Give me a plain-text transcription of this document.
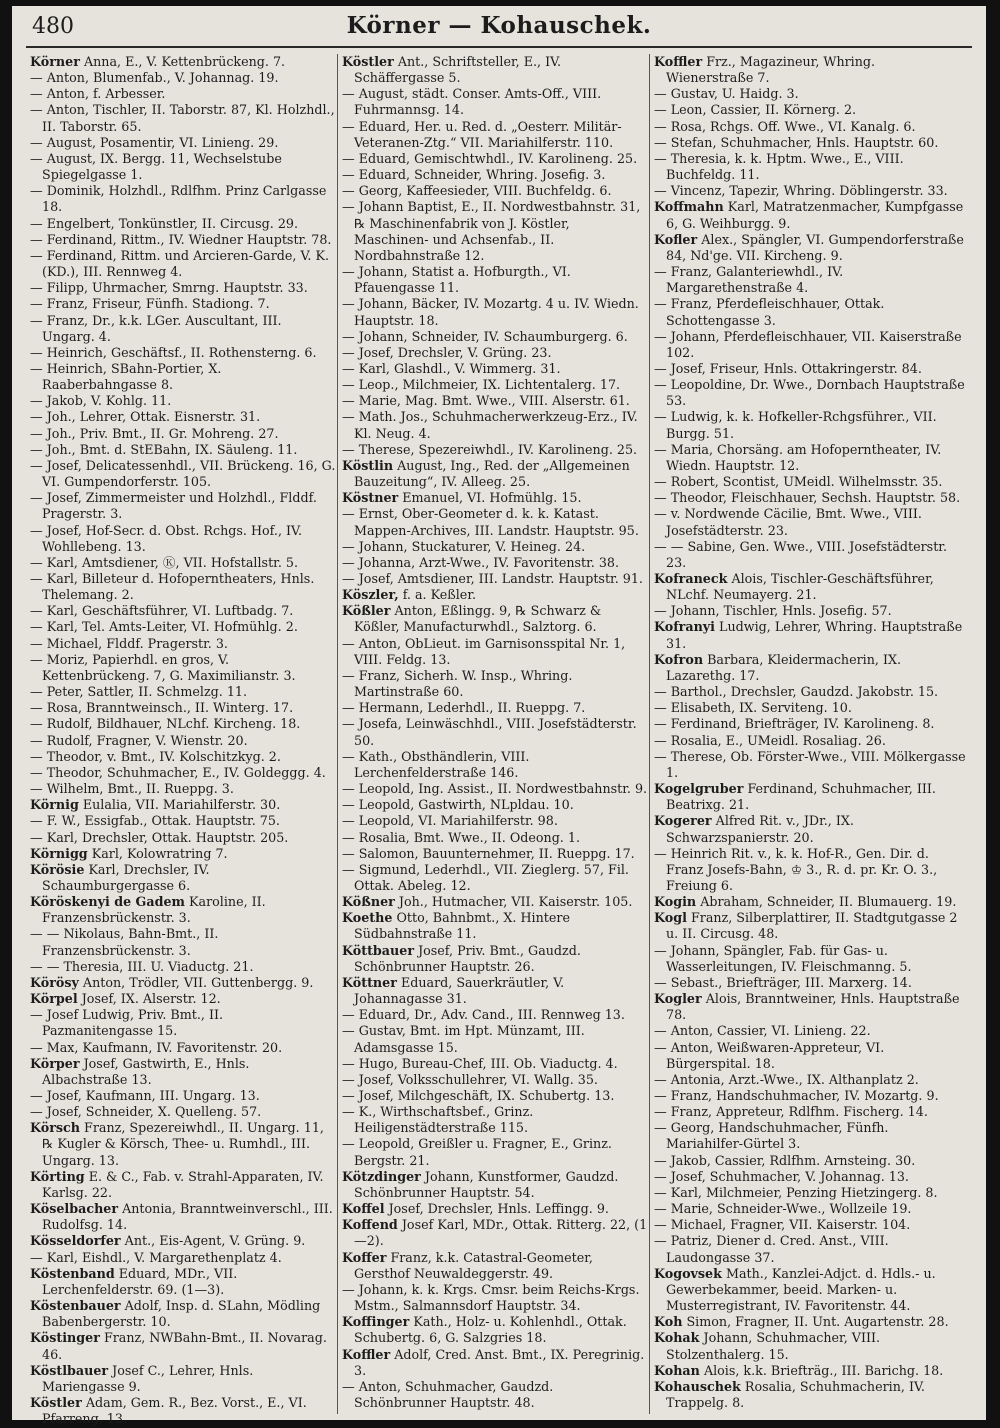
480	Körner — Kohauschek.

Körner Anna, E., V. Kettenbrückeng. 7.

— Anton, Blumenfab., V. Johannag. 19.

— Anton, f. Arbesser.

— Anton, Tischler, II. Taborstr. 87, Kl. Holzhdl., II. Taborstr. 65.

— August, Posamentir, VI. Linieng. 29.

— August, IX. Bergg. 11, Wechselstube Spiegelgasse 1.

— Dominik, Holzhdl., Rdlfhm. Prinz Carlgasse 18.

— Engelbert, Tonkünstler, II. Circusg. 29.

— Ferdinand, Rittm., IV. Wiedner Hauptstr. 78.

— Ferdinand, Rittm. und Arcieren-Garde, V. K. (KD.), III. Rennweg 4.

— Filipp, Uhrmacher, Smrng. Hauptstr. 33.

— Franz, Friseur, Fünfh. Stadiong. 7.

— Franz, Dr., k.k. LGer. Auscultant, III. Ungarg. 4.

— Heinrich, Geschäftsf., II. Rothensterng. 6.

— Heinrich, SBahn-Portier, X. Raaberbahngasse 8.

— Jakob, V. Kohlg. 11.

— Joh., Lehrer, Ottak. Eisnerstr. 31.

— Joh., Priv. Bmt., II. Gr. Mohreng. 27.

— Joh., Bmt. d. StEBahn, IX. Säuleng. 11.

— Josef, Delicatessenhdl., VII. Brückeng. 16, G. VI. Gumpendorferstr. 105.

— Josef, Zimmermeister und Holzhdl., Flddf. Pragerstr. 3.

— Josef, Hof-Secr. d. Obst. Rchgs. Hof., IV. Wohllebeng. 13.

— Karl, Amtsdiener, Ⓚ, VII. Hofstallstr. 5.

— Karl, Billeteur d. Hofoperntheaters, Hnls. Thelemang. 2.

— Karl, Geschäftsführer, VI. Luftbadg. 7.

— Karl, Tel. Amts-Leiter, VI. Hofmühlg. 2.

— Michael, Flddf. Pragerstr. 3.

— Moriz, Papierhdl. en gros, V. Kettenbrückeng. 7, G. Maximilianstr. 3.

— Peter, Sattler, II. Schmelzg. 11.

— Rosa, Branntweinsch., II. Winterg. 17.

— Rudolf, Bildhauer, NLchf. Kircheng. 18.

— Rudolf, Fragner, V. Wienstr. 20.

— Theodor, v. Bmt., IV. Kolschitzkyg. 2.

— Theodor, Schuhmacher, E., IV. Goldeggg. 4.

— Wilhelm, Bmt., II. Rueppg. 3.

Körnig Eulalia, VII. Mariahilferstr. 30.

— F. W., Essigfab., Ottak. Hauptstr. 75.

— Karl, Drechsler, Ottak. Hauptstr. 205.

Körnigg Karl, Kolowratring 7.

Körösie Karl, Drechsler, IV. Schaumburgergasse 6.

Köröskenyi de Gadem Karoline, II. Franzensbrückenstr. 3.

— — Nikolaus, Bahn-Bmt., II. Franzensbrückenstr. 3.

— — Theresia, III. U. Viaductg. 21.

Körösy Anton, Trödler, VII. Guttenbergg. 9.

Körpel Josef, IX. Alserstr. 12.

— Josef Ludwig, Priv. Bmt., II. Pazmanitengasse 15.

— Max, Kaufmann, IV. Favoritenstr. 20.

Körper Josef, Gastwirth, E., Hnls. Albachstraße 13.

— Josef, Kaufmann, III. Ungarg. 13.

— Josef, Schneider, X. Quelleng. 57.

Körsch Franz, Spezereiwhdl., II. Ungarg. 11, ℞ Kugler & Körsch, Thee- u. Rumhdl., III. Ungarg. 13.

Körting E. & C., Fab. v. Strahl-Apparaten, IV. Karlsg. 22.

Köselbacher Antonia, Branntweinverschl., III. Rudolfsg. 14.

Kösseldorfer Ant., Eis-Agent, V. Grüng. 9.

— Karl, Eishdl., V. Margarethenplatz 4.

Köstenband Eduard, MDr., VII. Lerchenfelderstr. 69. (1—3).

Köstenbauer Adolf, Insp. d. SLahn, Mödling Babenbergerstr. 10.

Köstinger Franz, NWBahn-Bmt., II. Novarag. 46.

Köstlbauer Josef C., Lehrer, Hnls. Mariengasse 9.

Köstler Adam, Gem. R., Bez. Vorst., E., VI. Pfarreng. 13.

Köstler Ant., Schriftsteller, E., IV. Schäffergasse 5.

— August, städt. Conser. Amts-Off., VIII. Fuhrmannsg. 14.

— Eduard, Her. u. Red. d. „Oesterr. Militär-Veteranen-Ztg.“ VII. Mariahilferstr. 110.

— Eduard, Gemischtwhdl., IV. Karolineng. 25.

— Eduard, Schneider, Whring. Josefig. 3.

— Georg, Kaffeesieder, VIII. Buchfeldg. 6.

— Johann Baptist, E., II. Nordwestbahnstr. 31, ℞ Maschinenfabrik von J. Köstler, Maschinen- und Achsenfab., II. Nordbahnstraße 12.

— Johann, Statist a. Hofburgth., VI. Pfauengasse 11.

— Johann, Bäcker, IV. Mozartg. 4 u. IV. Wiedn. Hauptstr. 18.

— Johann, Schneider, IV. Schaumburgerg. 6.

— Josef, Drechsler, V. Grüng. 23.

— Karl, Glashdl., V. Wimmerg. 31.

— Leop., Milchmeier, IX. Lichtentalerg. 17.

— Marie, Mag. Bmt. Wwe., VIII. Alserstr. 61.

— Math. Jos., Schuhmacherwerkzeug-Erz., IV. Kl. Neug. 4.

— Therese, Spezereiwhdl., IV. Karolineng. 25.

Köstlin August, Ing., Red. der „Allgemeinen Bauzeitung“, IV. Alleeg. 25.

Köstner Emanuel, VI. Hofmühlg. 15.

— Ernst, Ober-Geometer d. k. k. Katast. Mappen-Archives, III. Landstr. Hauptstr. 95.

— Johann, Stuckaturer, V. Heineg. 24.

— Johanna, Arzt-Wwe., IV. Favoritenstr. 38.

— Josef, Amtsdiener, III. Landstr. Hauptstr. 91.

Köszler, f. a. Keßler.

Kößler Anton, Eßlingg. 9, ℞ Schwarz & Kößler, Manufacturwhdl., Salztorg. 6.

— Anton, ObLieut. im Garnisonsspital Nr. 1, VIII. Feldg. 13.

— Franz, Sicherh. W. Insp., Whring. Martinstraße 60.

— Hermann, Lederhdl., II. Rueppg. 7.

— Josefa, Leinwäschhdl., VIII. Josefstädterstr. 50.

— Kath., Obsthändlerin, VIII. Lerchenfelderstraße 146.

— Leopold, Ing. Assist., II. Nordwestbahnstr. 9.

— Leopold, Gastwirth, NLpldau. 10.

— Leopold, VI. Mariahilferstr. 98.

— Rosalia, Bmt. Wwe., II. Odeong. 1.

— Salomon, Bauunternehmer, II. Rueppg. 17.

— Sigmund, Lederhdl., VII. Zieglerg. 57, Fil. Ottak. Abeleg. 12.

Kößner Joh., Hutmacher, VII. Kaiserstr. 105.

Koethe Otto, Bahnbmt., X. Hintere Südbahnstraße 11.

Köttbauer Josef, Priv. Bmt., Gaudzd. Schönbrunner Hauptstr. 26.

Köttner Eduard, Sauerkräutler, V. Johannagasse 31.

— Eduard, Dr., Adv. Cand., III. Rennweg 13.

— Gustav, Bmt. im Hpt. Münzamt, III. Adamsgasse 15.

— Hugo, Bureau-Chef, III. Ob. Viaductg. 4.

— Josef, Volksschullehrer, VI. Wallg. 35.

— Josef, Milchgeschäft, IX. Schubertg. 13.

— K., Wirthschaftsbef., Grinz. Heiligenstädterstraße 115.

— Leopold, Greißler u. Fragner, E., Grinz. Bergstr. 21.

Kötzdinger Johann, Kunstformer, Gaudzd. Schönbrunner Hauptstr. 54.

Koffel Josef, Drechsler, Hnls. Leffingg. 9.

Koffend Josef Karl, MDr., Ottak. Ritterg. 22, (1—2).

Koffer Franz, k.k. Catastral-Geometer, Gersthof Neuwaldeggerstr. 49.

— Johann, k. k. Krgs. Cmsr. beim Reichs-Krgs. Mstm., Salmannsdorf Hauptstr. 34.

Koffinger Kath., Holz- u. Kohlenhdl., Ottak. Schubertg. 6, G. Salzgries 18.

Koffler Adolf, Cred. Anst. Bmt., IX. Peregrinig. 3.

— Anton, Schuhmacher, Gaudzd. Schönbrunner Hauptstr. 48.

Koffler Frz., Magazineur, Whring. Wienerstraße 7.

— Gustav, U. Haidg. 3.

— Leon, Cassier, II. Körnerg. 2.

— Rosa, Rchgs. Off. Wwe., VI. Kanalg. 6.

— Stefan, Schuhmacher, Hnls. Hauptstr. 60.

— Theresia, k. k. Hptm. Wwe., E., VIII. Buchfeldg. 11.

— Vincenz, Tapezir, Whring. Döblingerstr. 33.

Koffmahn Karl, Matratzenmacher, Kumpfgasse 6, G. Weihburgg. 9.

Kofler Alex., Spängler, VI. Gumpendorferstraße 84, Nd'ge. VII. Kircheng. 9.

— Franz, Galanteriewhdl., IV. Margarethenstraße 4.

— Franz, Pferdefleischhauer, Ottak. Schottengasse 3.

— Johann, Pferdefleischhauer, VII. Kaiserstraße 102.

— Josef, Friseur, Hnls. Ottakringerstr. 84.

— Leopoldine, Dr. Wwe., Dornbach Hauptstraße 53.

— Ludwig, k. k. Hofkeller-Rchgsführer., VII. Burgg. 51.

— Maria, Chorsäng. am Hofoperntheater, IV. Wiedn. Hauptstr. 12.

— Robert, Scontist, UMeidl. Wilhelmsstr. 35.

— Theodor, Fleischhauer, Sechsh. Hauptstr. 58.

— v. Nordwende Cäcilie, Bmt. Wwe., VIII. Josefstädterstr. 23.

— — Sabine, Gen. Wwe., VIII. Josefstädterstr. 23.

Kofraneck Alois, Tischler-Geschäftsführer, NLchf. Neumayerg. 21.

— Johann, Tischler, Hnls. Josefig. 57.

Kofranyi Ludwig, Lehrer, Whring. Hauptstraße 31.

Kofron Barbara, Kleidermacherin, IX. Lazarethg. 17.

— Barthol., Drechsler, Gaudzd. Jakobstr. 15.

— Elisabeth, IX. Serviteng. 10.

— Ferdinand, Briefträger, IV. Karolineng. 8.

— Rosalia, E., UMeidl. Rosaliag. 26.

— Therese, Ob. Förster-Wwe., VIII. Mölkergasse 1.

Kogelgruber Ferdinand, Schuhmacher, III. Beatrixg. 21.

Kogerer Alfred Rit. v., JDr., IX. Schwarzspanierstr. 20.

— Heinrich Rit. v., k. k. Hof-R., Gen. Dir. d. Franz Josefs-Bahn, ♔ 3., R. d. pr. Kr. O. 3., Freiung 6.

Kogin Abraham, Schneider, II. Blumauerg. 19.

Kogl Franz, Silberplattirer, II. Stadtgutgasse 2 u. II. Circusg. 48.

— Johann, Spängler, Fab. für Gas- u. Wasserleitungen, IV. Fleischmanng. 5.

— Sebast., Briefträger, III. Marxerg. 14.

Kogler Alois, Branntweiner, Hnls. Hauptstraße 78.

— Anton, Cassier, VI. Linieng. 22.

— Anton, Weißwaren-Appreteur, VI. Bürgerspital. 18.

— Antonia, Arzt.-Wwe., IX. Althanplatz 2.

— Franz, Handschuhmacher, IV. Mozartg. 9.

— Franz, Appreteur, Rdlfhm. Fischerg. 14.

— Georg, Handschuhmacher, Fünfh. Mariahilfer-Gürtel 3.

— Jakob, Cassier, Rdlfhm. Arnsteing. 30.

— Josef, Schuhmacher, V. Johannag. 13.

— Karl, Milchmeier, Penzing Hietzingerg. 8.

— Marie, Schneider-Wwe., Wollzeile 19.

— Michael, Fragner, VII. Kaiserstr. 104.

— Patriz, Diener d. Cred. Anst., VIII. Laudongasse 37.

Kogovsek Math., Kanzlei-Adjct. d. Hdls.- u. Gewerbekammer, beeid. Marken- u. Musterregistrant, IV. Favoritenstr. 44.

Koh Simon, Fragner, II. Unt. Augartenstr. 28.

Kohak Johann, Schuhmacher, VIII. Stolzenthalerg. 15.

Kohan Alois, k.k. Briefträg., III. Barichg. 18.

Kohauschek Rosalia, Schuhmacherin, IV. Trappelg. 8.
